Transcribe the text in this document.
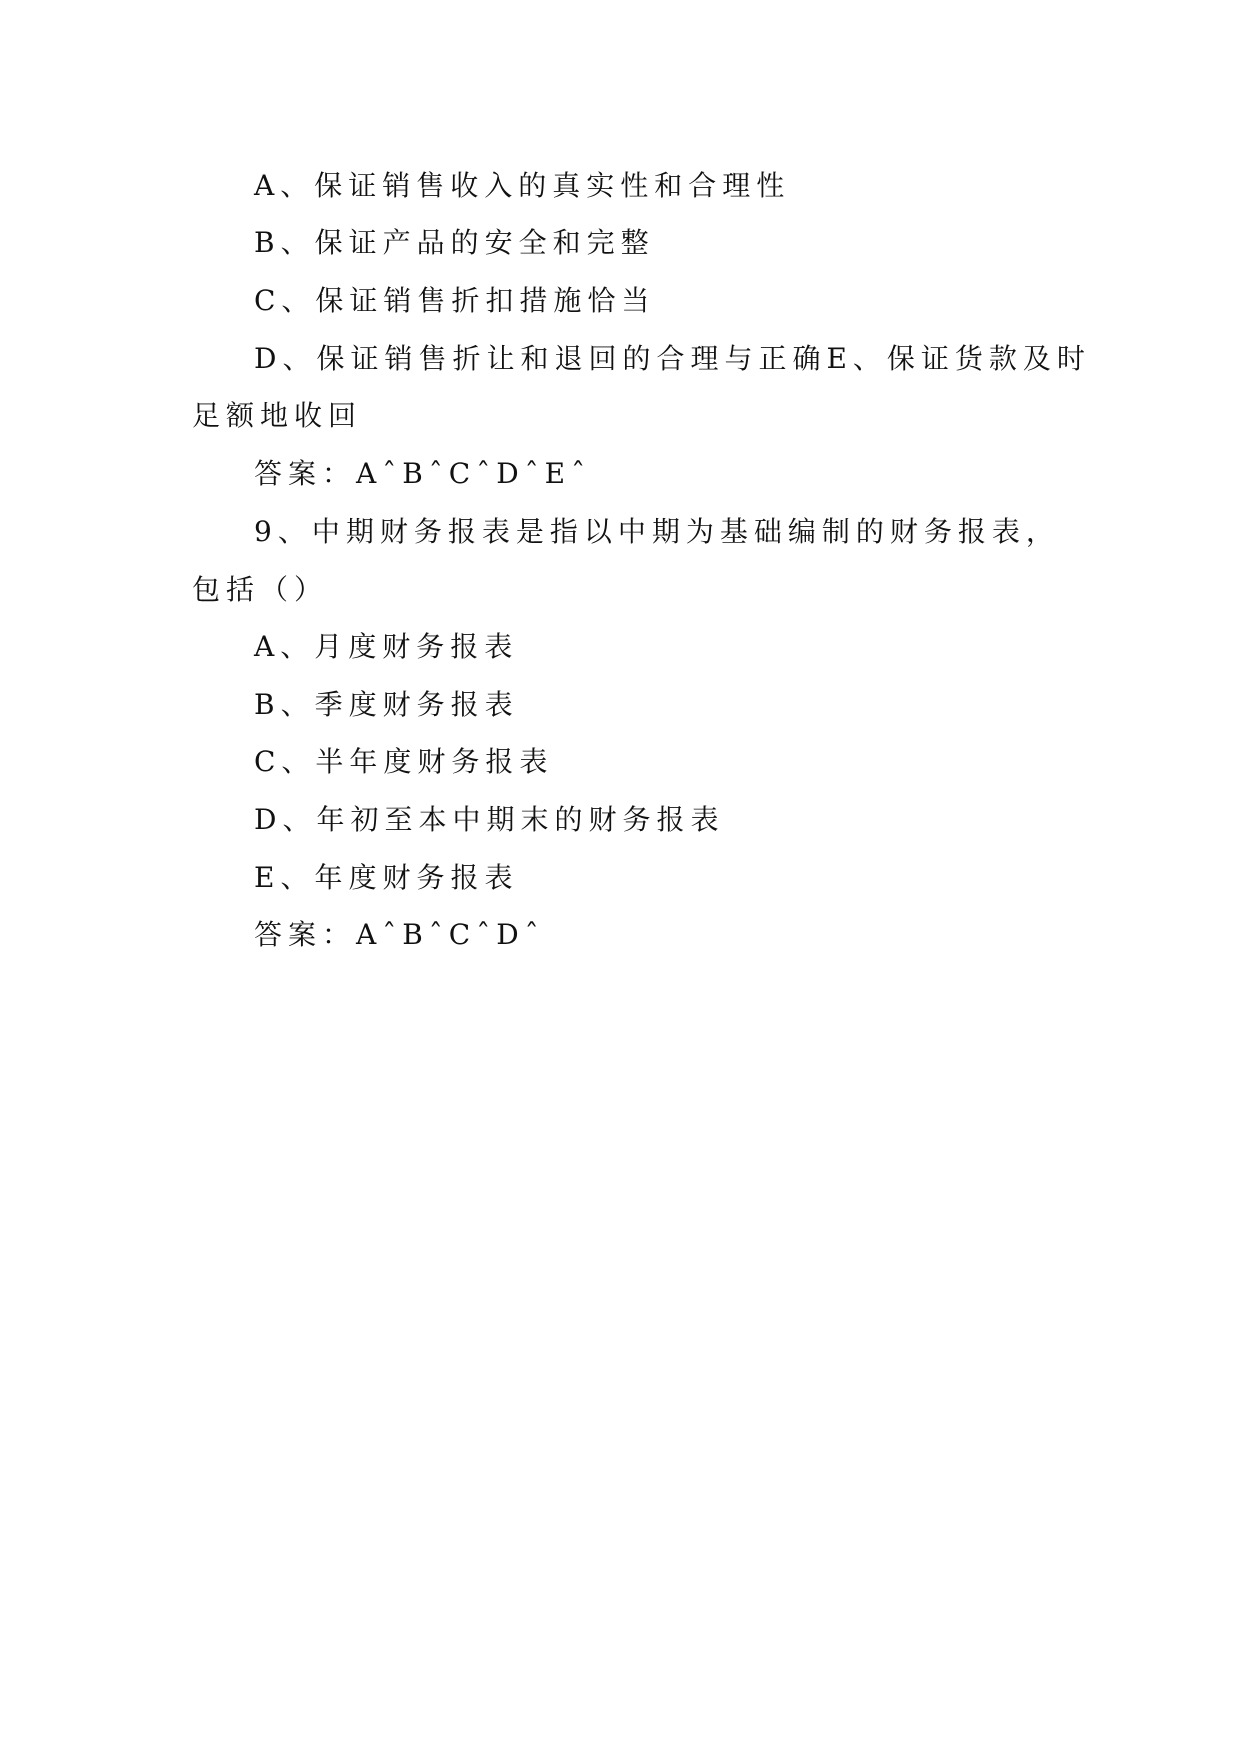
A、保证销售收入的真实性和合理性
B、保证产品的安全和完整
C、保证销售折扣措施恰当
D、保证销售折让和退回的合理与正确E、保证货款及时
足额地收回
答案：AˆBˆCˆDˆEˆ
9、中期财务报表是指以中期为基础编制的财务报表，
包括（）
A、月度财务报表
B、季度财务报表
C、半年度财务报表
D、年初至本中期末的财务报表
E、年度财务报表
答案：AˆBˆCˆDˆ
